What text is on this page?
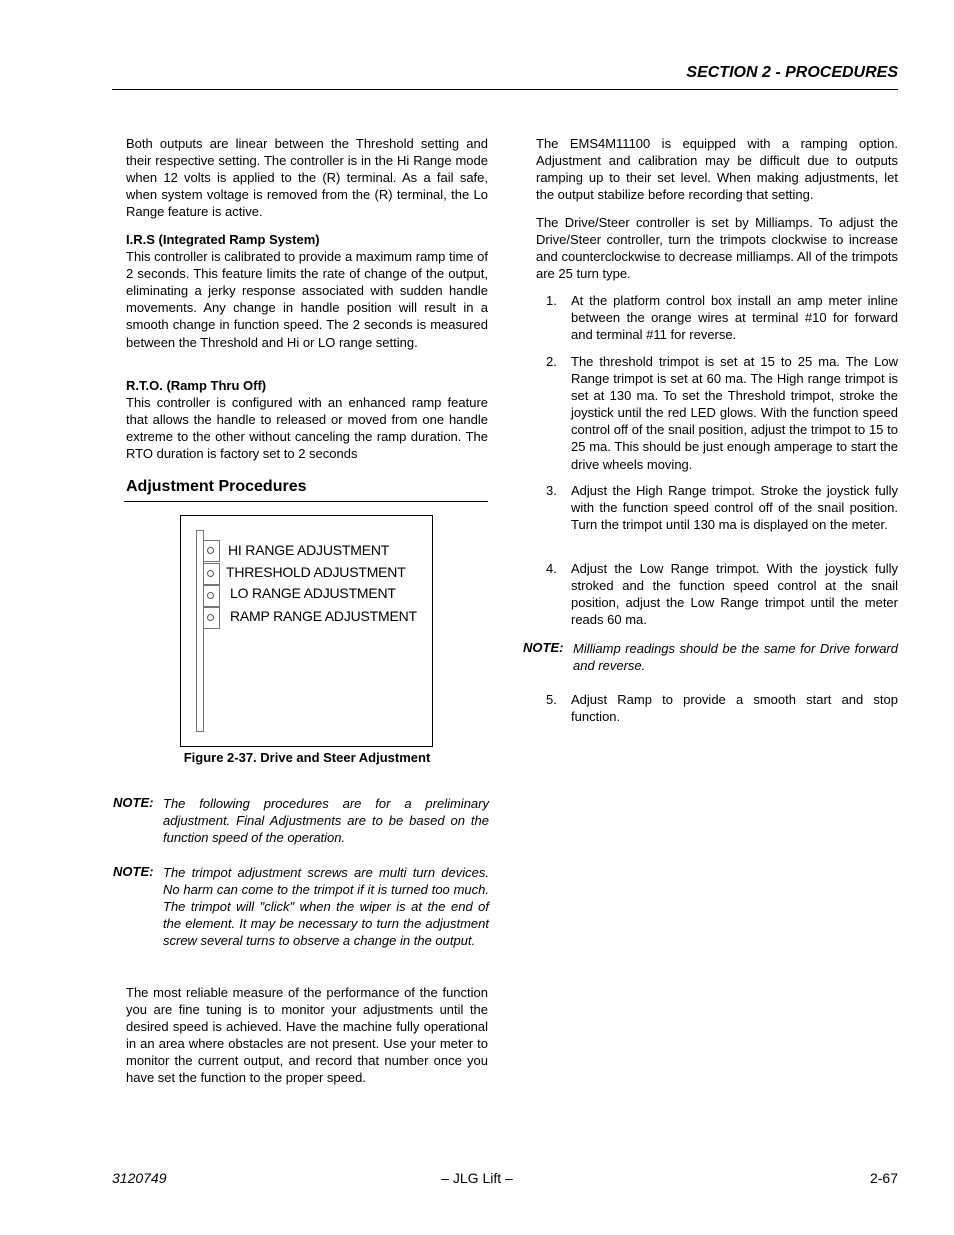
SECTION 2 - PROCEDURES

Both outputs are linear between the Threshold setting and their respective setting. The controller is in the Hi Range mode when 12 volts is applied to the (R) terminal. As a fail safe, when system voltage is removed from the (R) terminal, the Lo Range feature is active.

I.R.S (Integrated Ramp System)
This controller is calibrated to provide a maximum ramp time of 2 seconds. This feature limits the rate of change of the output, eliminating a jerky response associated with sudden handle movements. Any change in handle position will result in a smooth change in function speed. The 2 seconds is measured between the Threshold and Hi or LO range setting.
R.T.O. (Ramp Thru Off)
This controller is configured with an enhanced ramp feature that allows the handle to released or moved from one handle extreme to the other without canceling the ramp duration. The RTO duration is factory set to 2 seconds
Adjustment Procedures
HI RANGE ADJUSTMENT
THRESHOLD ADJUSTMENT
LO RANGE ADJUSTMENT
RAMP RANGE ADJUSTMENT
Figure 2-37. Drive and Steer Adjustment
NOTE: The following procedures are for a preliminary adjustment. Final Adjustments are to be based on the function speed of the operation.

NOTE: The trimpot adjustment screws are multi turn devices. No harm can come to the trimpot if it is turned too much. The trimpot will "click" when the wiper is at the end of the element. It may be necessary to turn the adjustment screw several turns to observe a change in the output.

The most reliable measure of the performance of the function you are fine tuning is to monitor your adjustments until the desired speed is achieved. Have the machine fully operational in an area where obstacles are not present. Use your meter to monitor the current output, and record that number once you have set the function to the proper speed.

The EMS4M11100 is equipped with a ramping option. Adjustment and calibration may be difficult due to outputs ramping up to their set level. When making adjustments, let the output stabilize before recording that setting.

The Drive/Steer controller is set by Milliamps. To adjust the Drive/Steer controller, turn the trimpots clockwise to increase and counterclockwise to decrease milliamps. All of the trimpots are 25 turn type.

1. At the platform control box install an amp meter inline between the orange wires at terminal #10 for forward and terminal #11 for reverse.

2. The threshold trimpot is set at 15 to 25 ma. The Low Range trimpot is set at 60 ma. The High range trimpot is set at 130 ma. To set the Threshold trimpot, stroke the joystick until the red LED glows. With the function speed control off of the snail position, adjust the trimpot to 15 to 25 ma. This should be just enough amperage to start the drive wheels moving.

3. Adjust the High Range trimpot. Stroke the joystick fully with the function speed control off of the snail position. Turn the trimpot until 130 ma is displayed on the meter.

4. Adjust the Low Range trimpot. With the joystick fully stroked and the function speed control at the snail position, adjust the Low Range trimpot until the meter reads 60 ma.

NOTE: Milliamp readings should be the same for Drive forward and reverse.

5. Adjust Ramp to provide a smooth start and stop function.

3120749	– JLG Lift –	2-67
